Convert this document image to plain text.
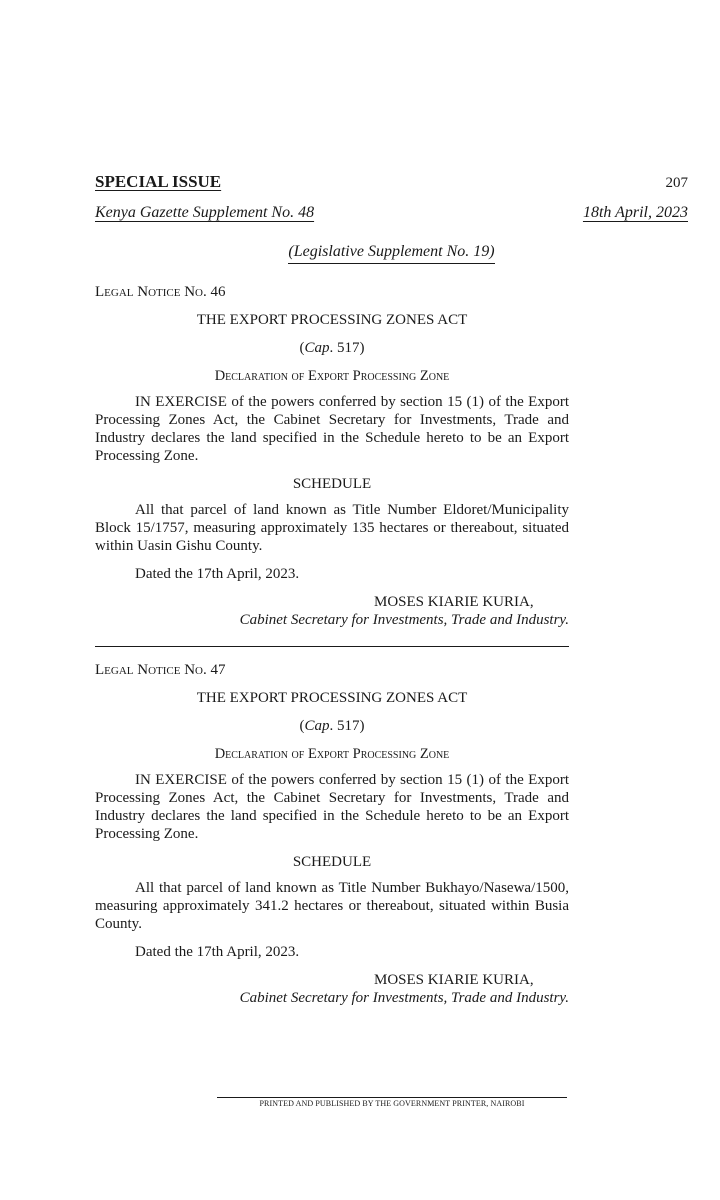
SPECIAL ISSUE	207
Kenya Gazette Supplement No. 48	18th April, 2023
(Legislative Supplement No. 19)

Legal Notice No. 46

THE EXPORT PROCESSING ZONES ACT

(Cap. 517)

Declaration of Export Processing Zone

IN EXERCISE of the powers conferred by section 15 (1) of the Export Processing Zones Act, the Cabinet Secretary for Investments, Trade and Industry declares the land specified in the Schedule hereto to be an Export Processing Zone.

SCHEDULE

All that parcel of land known as Title Number Eldoret/Municipality Block 15/1757, measuring approximately 135 hectares or thereabout, situated within Uasin Gishu County.

Dated the 17th April, 2023.

MOSES KIARIE KURIA,

Cabinet Secretary for Investments, Trade and Industry.

Legal Notice No. 47

THE EXPORT PROCESSING ZONES ACT

(Cap. 517)

Declaration of Export Processing Zone

IN EXERCISE of the powers conferred by section 15 (1) of the Export Processing Zones Act, the Cabinet Secretary for Investments, Trade and Industry declares the land specified in the Schedule hereto to be an Export Processing Zone.

SCHEDULE

All that parcel of land known as Title Number Bukhayo/Nasewa/1500, measuring approximately 341.2 hectares or thereabout, situated within Busia County.

Dated the 17th April, 2023.

MOSES KIARIE KURIA,

Cabinet Secretary for Investments, Trade and Industry.

PRINTED AND PUBLISHED BY THE GOVERNMENT PRINTER, NAIROBI
